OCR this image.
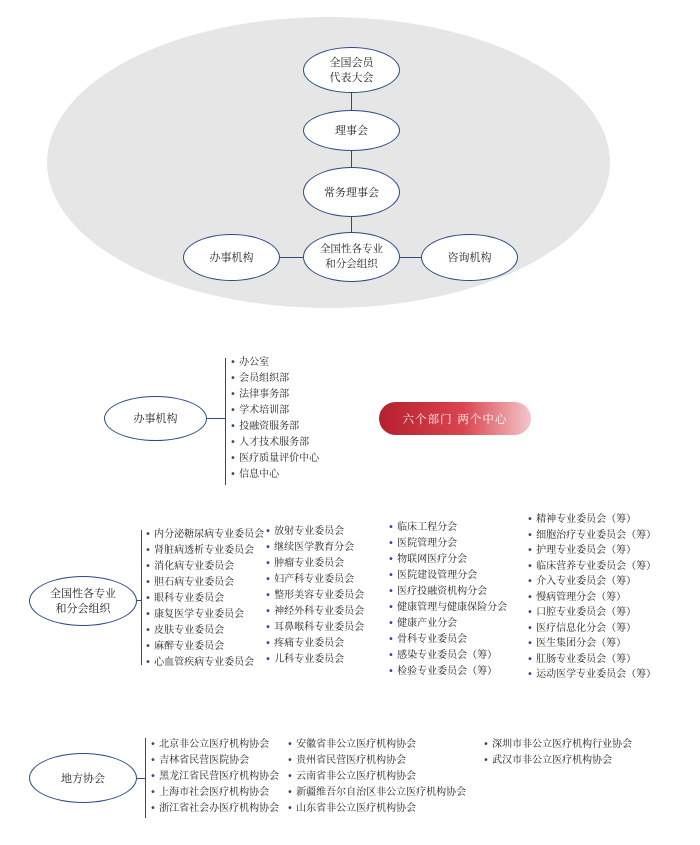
全国会员
代表大会
理事会
常务理事会
办事机构
全国性各专业
和分会组织	咨询机构
办事机构
• 办公室
• 会员组织部
• 法律事务部
• 学术培训部
• 投融资服务部
• 人才技术服务部
• 医疗质量评价中心
• 信息中心
六个部门 两个中心
全国性各专业
和分会组织
• 内分泌糖尿病专业委员会
• 肾脏病透析专业委员会
• 消化病专业委员会
• 胆石病专业委员会
• 眼科专业委员会
• 康复医学专业委员会
• 皮肤专业委员会
• 麻醉专业委员会
• 心血管疾病专业委员会
• 放射专业委员会
• 继续医学教育分会
• 肿瘤专业委员会
• 妇产科专业委员会
• 整形美容专业委员会
• 神经外科专业委员会
• 耳鼻喉科专业委员会
• 疼痛专业委员会
• 儿科专业委员会
• 临床工程分会
• 医院管理分会
• 物联网医疗分会
• 医院建设管理分会
• 医疗投融资机构分会
• 健康管理与健康保险分会
• 健康产业分会
• 骨科专业委员会
• 感染专业委员会（筹）
• 检验专业委员会（筹）
• 精神专业委员会（筹）
• 细胞治疗专业委员会（筹）
• 护理专业委员会（筹）
• 临床营养专业委员会（筹）
• 介入专业委员会（筹）
• 慢病管理分会（筹）
• 口腔专业委员会（筹）
• 医疗信息化分会（筹）
• 医生集团分会（筹）
• 肛肠专业委员会（筹）
• 运动医学专业委员会（筹）
地方协会
• 北京非公立医疗机构协会
• 吉林省民营医院协会
• 黑龙江省民营医疗机构协会
• 上海市社会医疗机构协会
• 浙江省社会办医疗机构协会
• 安徽省非公立医疗机构协会
• 贵州省民营医疗机构协会
• 云南省非公立医疗机构协会
• 新疆维吾尔自治区非公立医疗机构协会
• 山东省非公立医疗机构协会
• 深圳市非公立医疗机构行业协会
• 武汉市非公立医疗机构协会
